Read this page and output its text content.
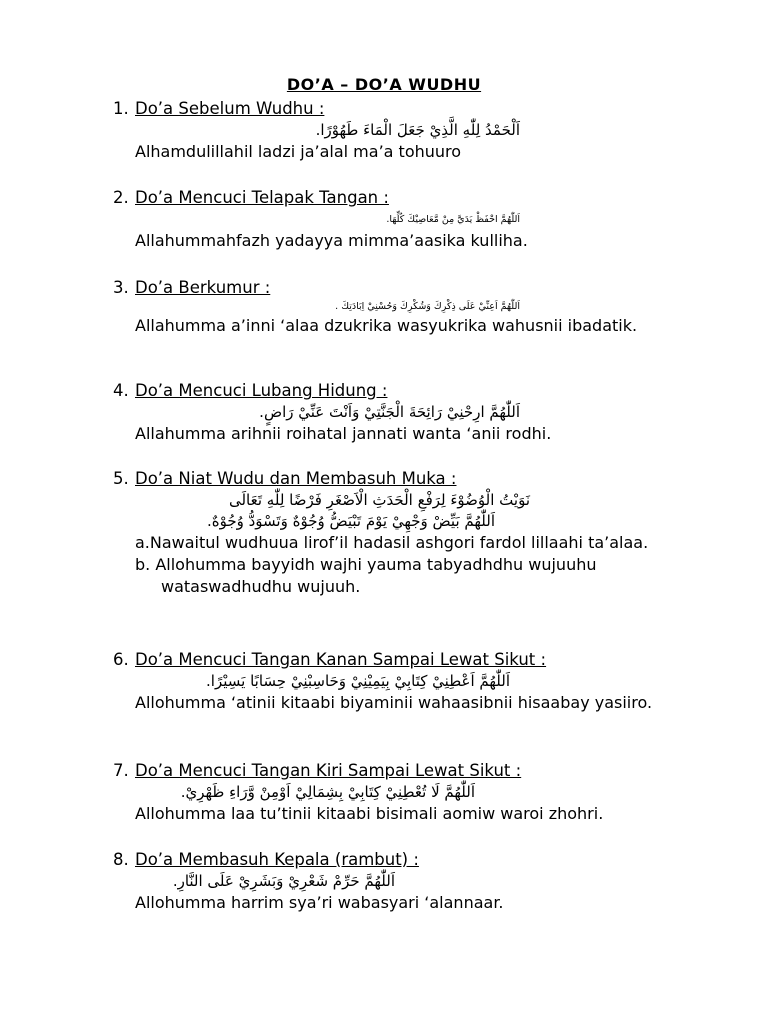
DO’A – DO’A WUDHU
1. Do’a Sebelum Wudhu :
اَلْحَمْدُ لِلّٰهِ الَّذِيْ جَعَلَ الْمَاءَ طَهُوْرًا.
Alhamdulillahil ladzi ja’alal ma’a tohuuro
2. Do’a Mencuci Telapak Tangan :
اَللّٰهُمَّ احْفَظْ يَدَيَّ مِنْ مَّعَاصِيْكَ كُلِّهَا.
Allahummahfazh yadayya mimma’aasika kulliha.
3. Do’a Berkumur :
اَللّٰهُمَّ اَعِنِّيْ عَلَى ذِكْرِكَ وَشُكْرِكَ وَحُسْنِيْ اِبَادَتِكَ .
Allahumma a’inni ‘alaa dzukrika wasyukrika wahusnii ibadatik.
4. Do’a Mencuci Lubang Hidung :
اَللّٰهُمَّ ارِحْنِيْ رَائِحَةَ الْجَنَّتِيْ وَاَنْتَ عَنِّيْ رَاضٍ.
Allahumma arihnii roihatal jannati wanta ‘anii rodhi.
5. Do’a Niat Wudu dan Membasuh Muka :
نَوَيْتُ الْوُضُوْءَ لِرَفْعِ الْحَدَثِ الْاَصْغَرِ فَرْضًا لِلّٰهِ تَعَالَى
اَللّٰهُمَّ بَيِّضْ وَجْهِيْ يَوْمَ تَبْيَضُّ وُجُوْهٌ وَتَسْوَدُّ وُجُوْهٌ.
a.Nawaitul wudhuua lirof’il hadasil ashgori fardol lillaahi ta’alaa.
b. Allohumma bayyidh wajhi yauma tabyadhdhu wujuuhu wataswadhudhu wujuuh.
6. Do’a Mencuci Tangan Kanan Sampai Lewat Sikut :
اَللّٰهُمَّ اَعْطِنِيْ كِتَابِيْ بِيَمِيْنِيْ وَحَاسِبْنِيْ حِسَابًا يَسِيْرًا.
Allohumma ‘atinii kitaabi biyaminii wahaasibnii hisaabay yasiiro.
7. Do’a Mencuci Tangan Kiri Sampai Lewat Sikut :
اَللّٰهُمَّ لَا تُعْطِنِيْ كِتَابِيْ بِشِمَالِيْ اَوْمِنْ وَّرَاءِ ظَهْرِيْ.
Allohumma laa tu’tinii kitaabi bisimali aomiw waroi zhohri.
8. Do’a Membasuh Kepala (rambut) :
اَللّٰهُمَّ حَرِّمْ شَعْرِيْ وَبَشَرِيْ عَلَى النَّارِ.
Allohumma harrim sya’ri wabasyari ‘alannaar.
